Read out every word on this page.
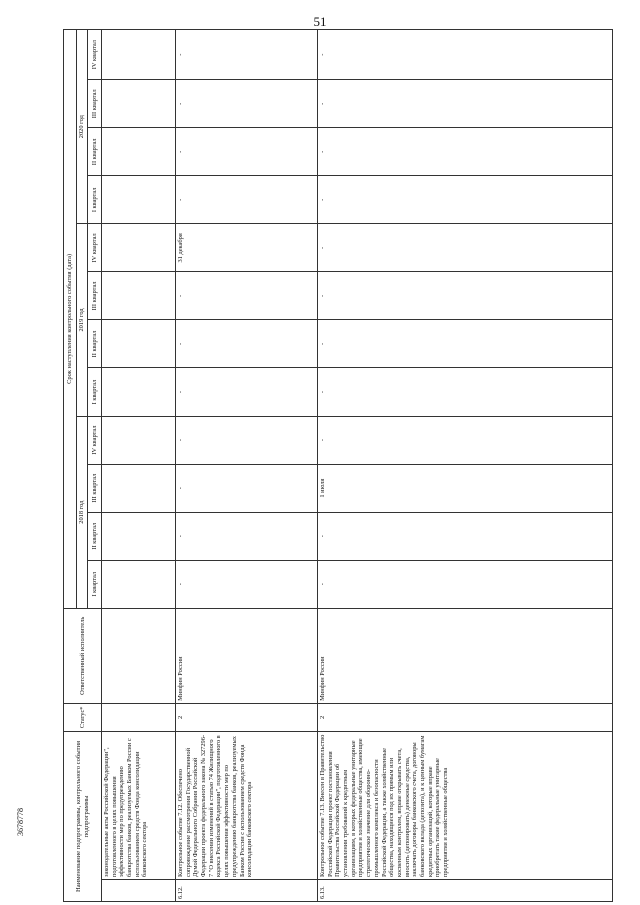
51
3678778	Наименование подпрограммы, контрольного события подпрограммы		Статус*	Ответственный исполнитель	Срок наступления контрольного события (дата)											
				2018 год				2019 год				2020 год			
				I квартал	II квартал	III квартал	IV квартал	I квартал	II квартал	III квартал	IV квартал	I квартал	II квартал	III квартал	IV квартал
	законодательные акты Российской Федерации", подготовленного в целях повышения эффективности мер по предупреждению банкротства банков, реализуемых Банком России с использованием средств Фонда консолидации банковского сектора														
6.12.	Контрольное событие 7.12. Обеспечено сопровождение рассмотрения Государственной Думой Федерального Собрания Российской Федерации проекта федерального закона № 327296-7 "О внесении изменений в статью 74 Жилищного кодекса Российской Федерации", подготовленного в целях повышения эффективности мер по предупреждению банкротства банков, реализуемых Банком России с использованием средств Фонда консолидации банковского сектора	2	Минфин России	-	-	-	-	-	-	-	31 декабря	-	-	-	-
6.13.	Контрольное событие 7.13. Внесен в Правительство Российской Федерации проект постановления Правительства Российской Федерации об установлении требований к кредитным организациям, в которых федеральные унитарные предприятия и хозяйственные общества, имеющие стратегическое значение для оборонно-промышленного комплекса и безопасности Российской Федерации, а также хозяйственные общества, находящиеся под их прямым или косвенным контролем, вправе открывать счета, вносить (депонировать) денежные средства, заключать договоры банковского счета, договоры банковского вклада (депозита), и к ценным бумагам кредитных организаций, которые вправе приобретать такие федеральные унитарные предприятия и хозяйственные общества	2	Минфин России	-	-	1 июля	-	-	-	-	-	-	-	-	-
